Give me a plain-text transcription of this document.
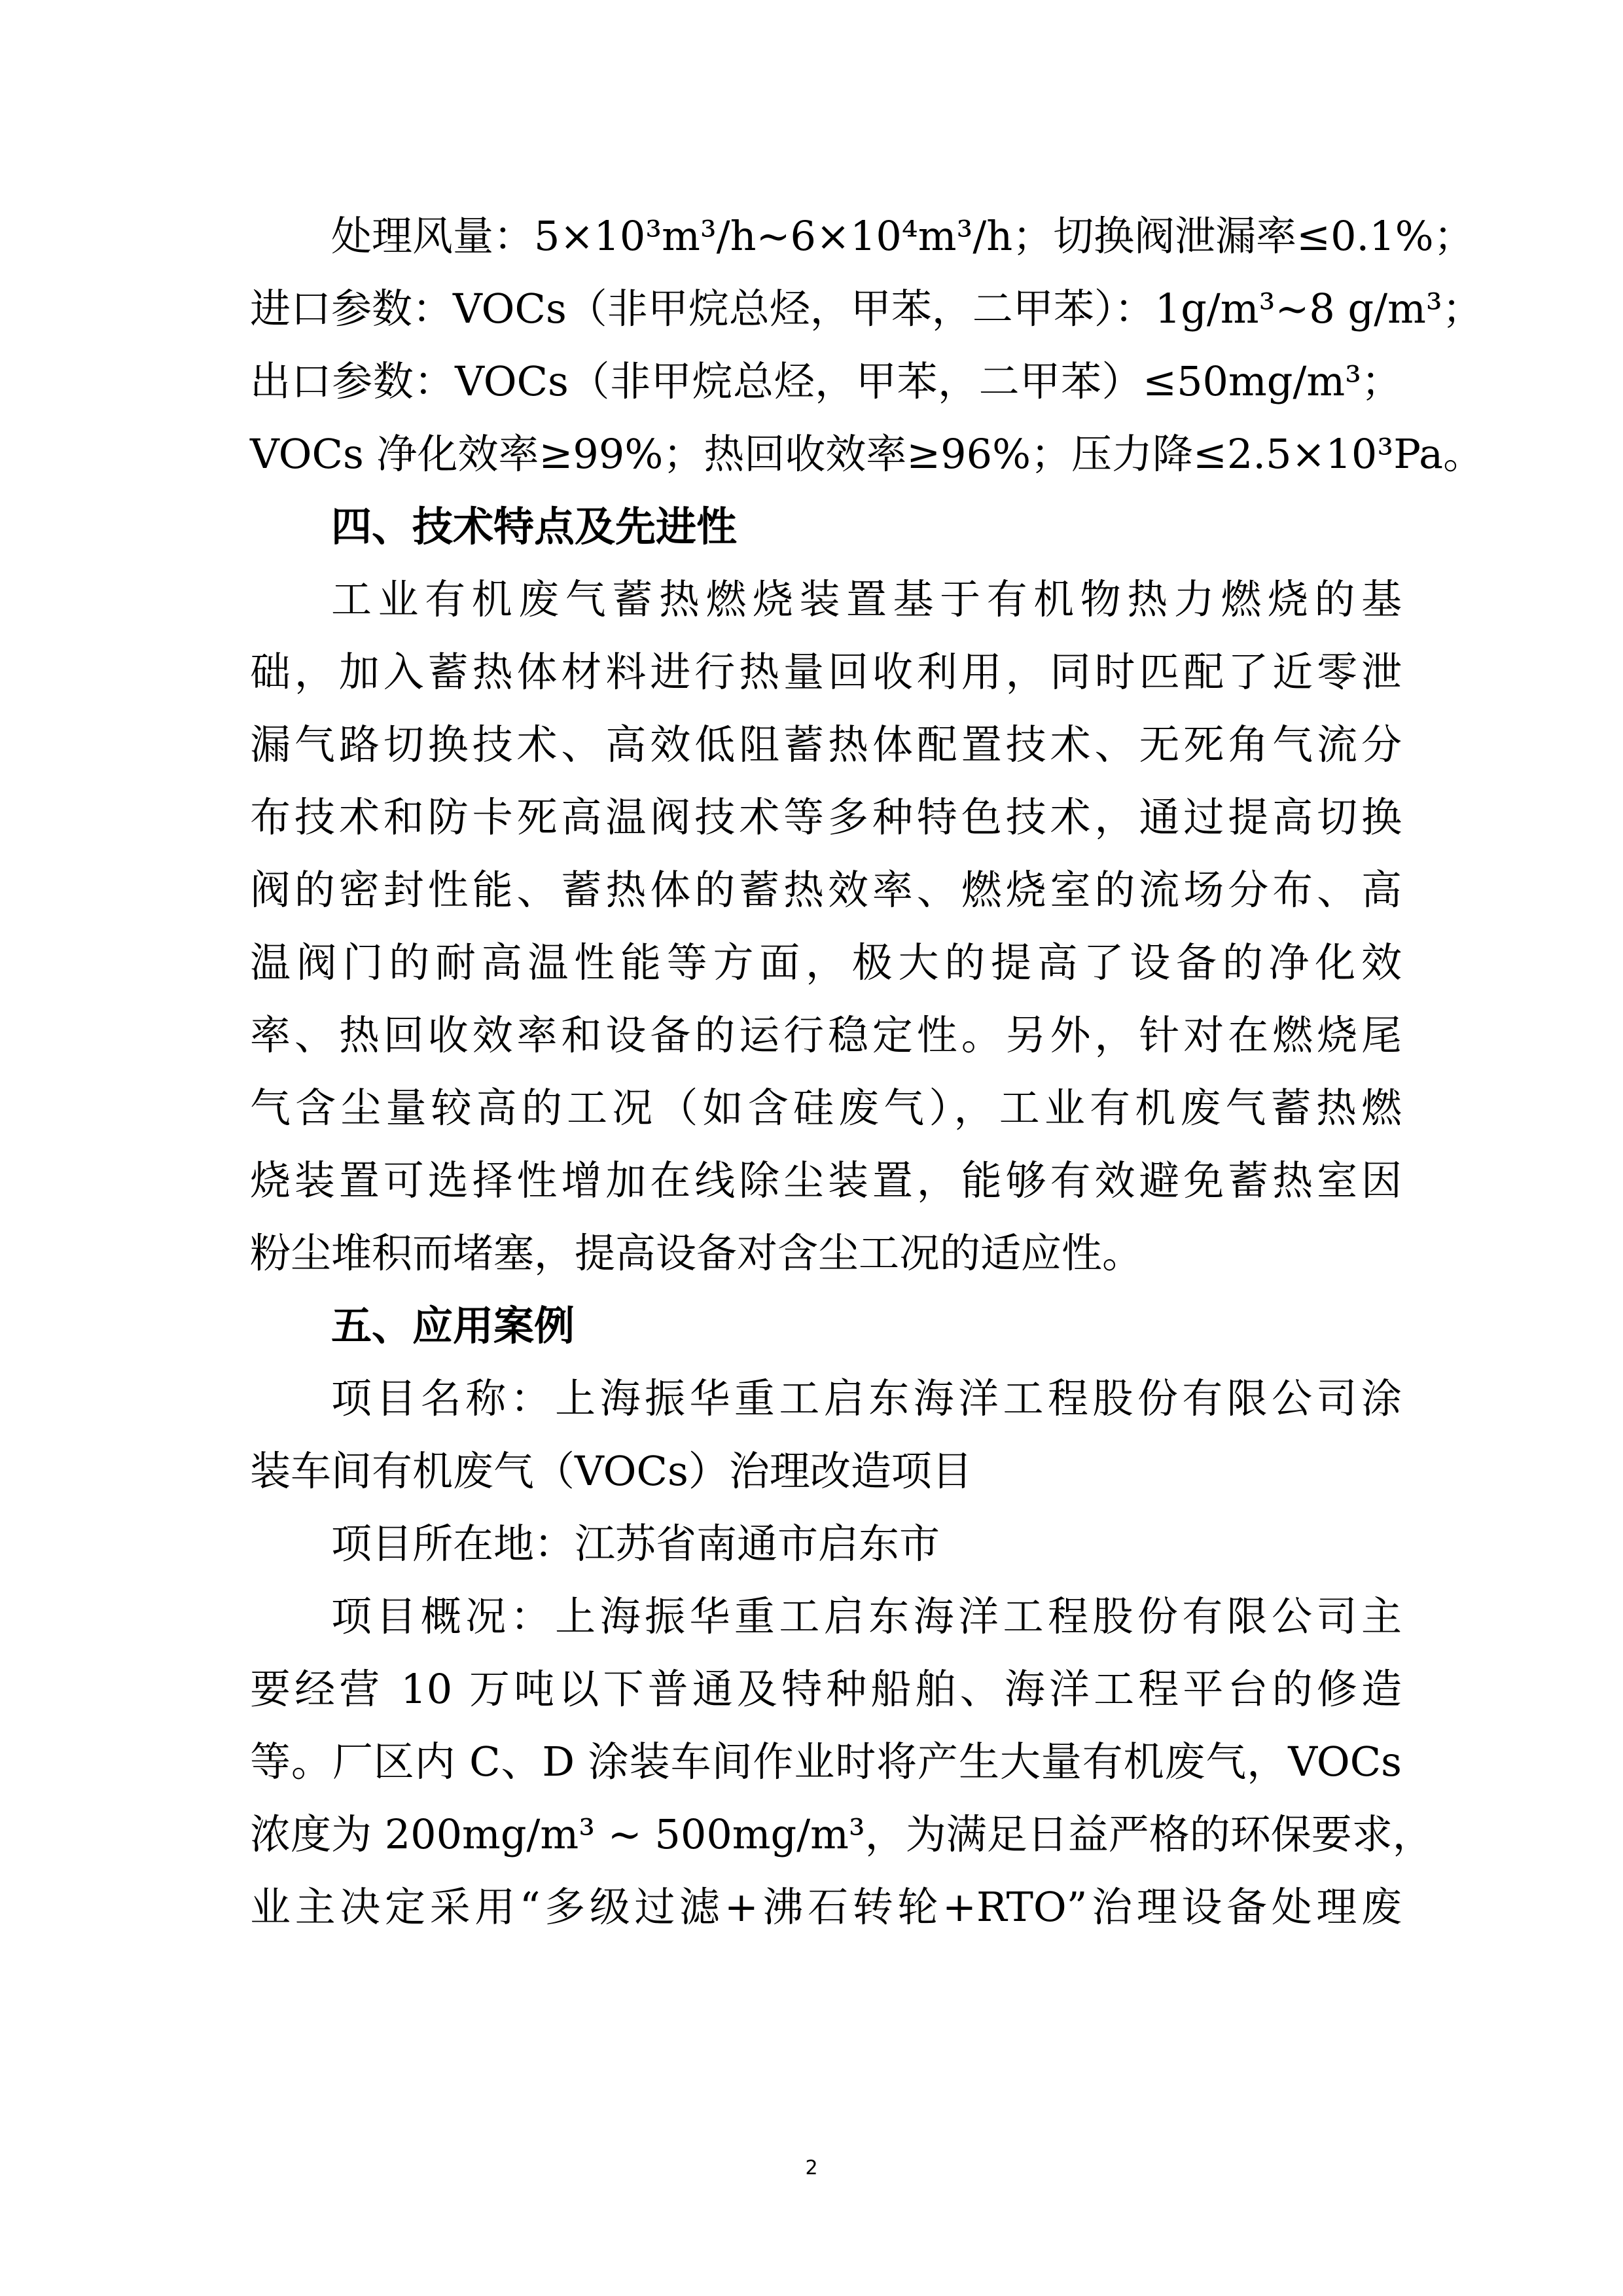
处理风量：5×10³m³/h~6×10⁴m³/h；切换阀泄漏率≤0.1%；
进口参数：VOCs（非甲烷总烃，甲苯，二甲苯）：1g/m³~8 g/m³；
出口参数：VOCs（非甲烷总烃，甲苯，二甲苯）≤50mg/m³；
VOCs 净化效率≥99%；热回收效率≥96%；压力降≤2.5×10³Pa。
四、技术特点及先进性
工业有机废气蓄热燃烧装置基于有机物热力燃烧的基
础，加入蓄热体材料进行热量回收利用，同时匹配了近零泄
漏气路切换技术、高效低阻蓄热体配置技术、无死角气流分
布技术和防卡死高温阀技术等多种特色技术，通过提高切换
阀的密封性能、蓄热体的蓄热效率、燃烧室的流场分布、高
温阀门的耐高温性能等方面，极大的提高了设备的净化效
率、热回收效率和设备的运行稳定性。另外，针对在燃烧尾
气含尘量较高的工况（如含硅废气），工业有机废气蓄热燃
烧装置可选择性增加在线除尘装置，能够有效避免蓄热室因
粉尘堆积而堵塞，提高设备对含尘工况的适应性。
五、应用案例
项目名称：上海振华重工启东海洋工程股份有限公司涂
装车间有机废气（VOCs）治理改造项目
项目所在地：江苏省南通市启东市
项目概况：上海振华重工启东海洋工程股份有限公司主
要经营 10 万吨以下普通及特种船舶、海洋工程平台的修造
等。厂区内 C、D 涂装车间作业时将产生大量有机废气，VOCs
浓度为 200mg/m³ ~ 500mg/m³，为满足日益严格的环保要求，
业主决定采用“多级过滤+沸石转轮+RTO”治理设备处理废
2
